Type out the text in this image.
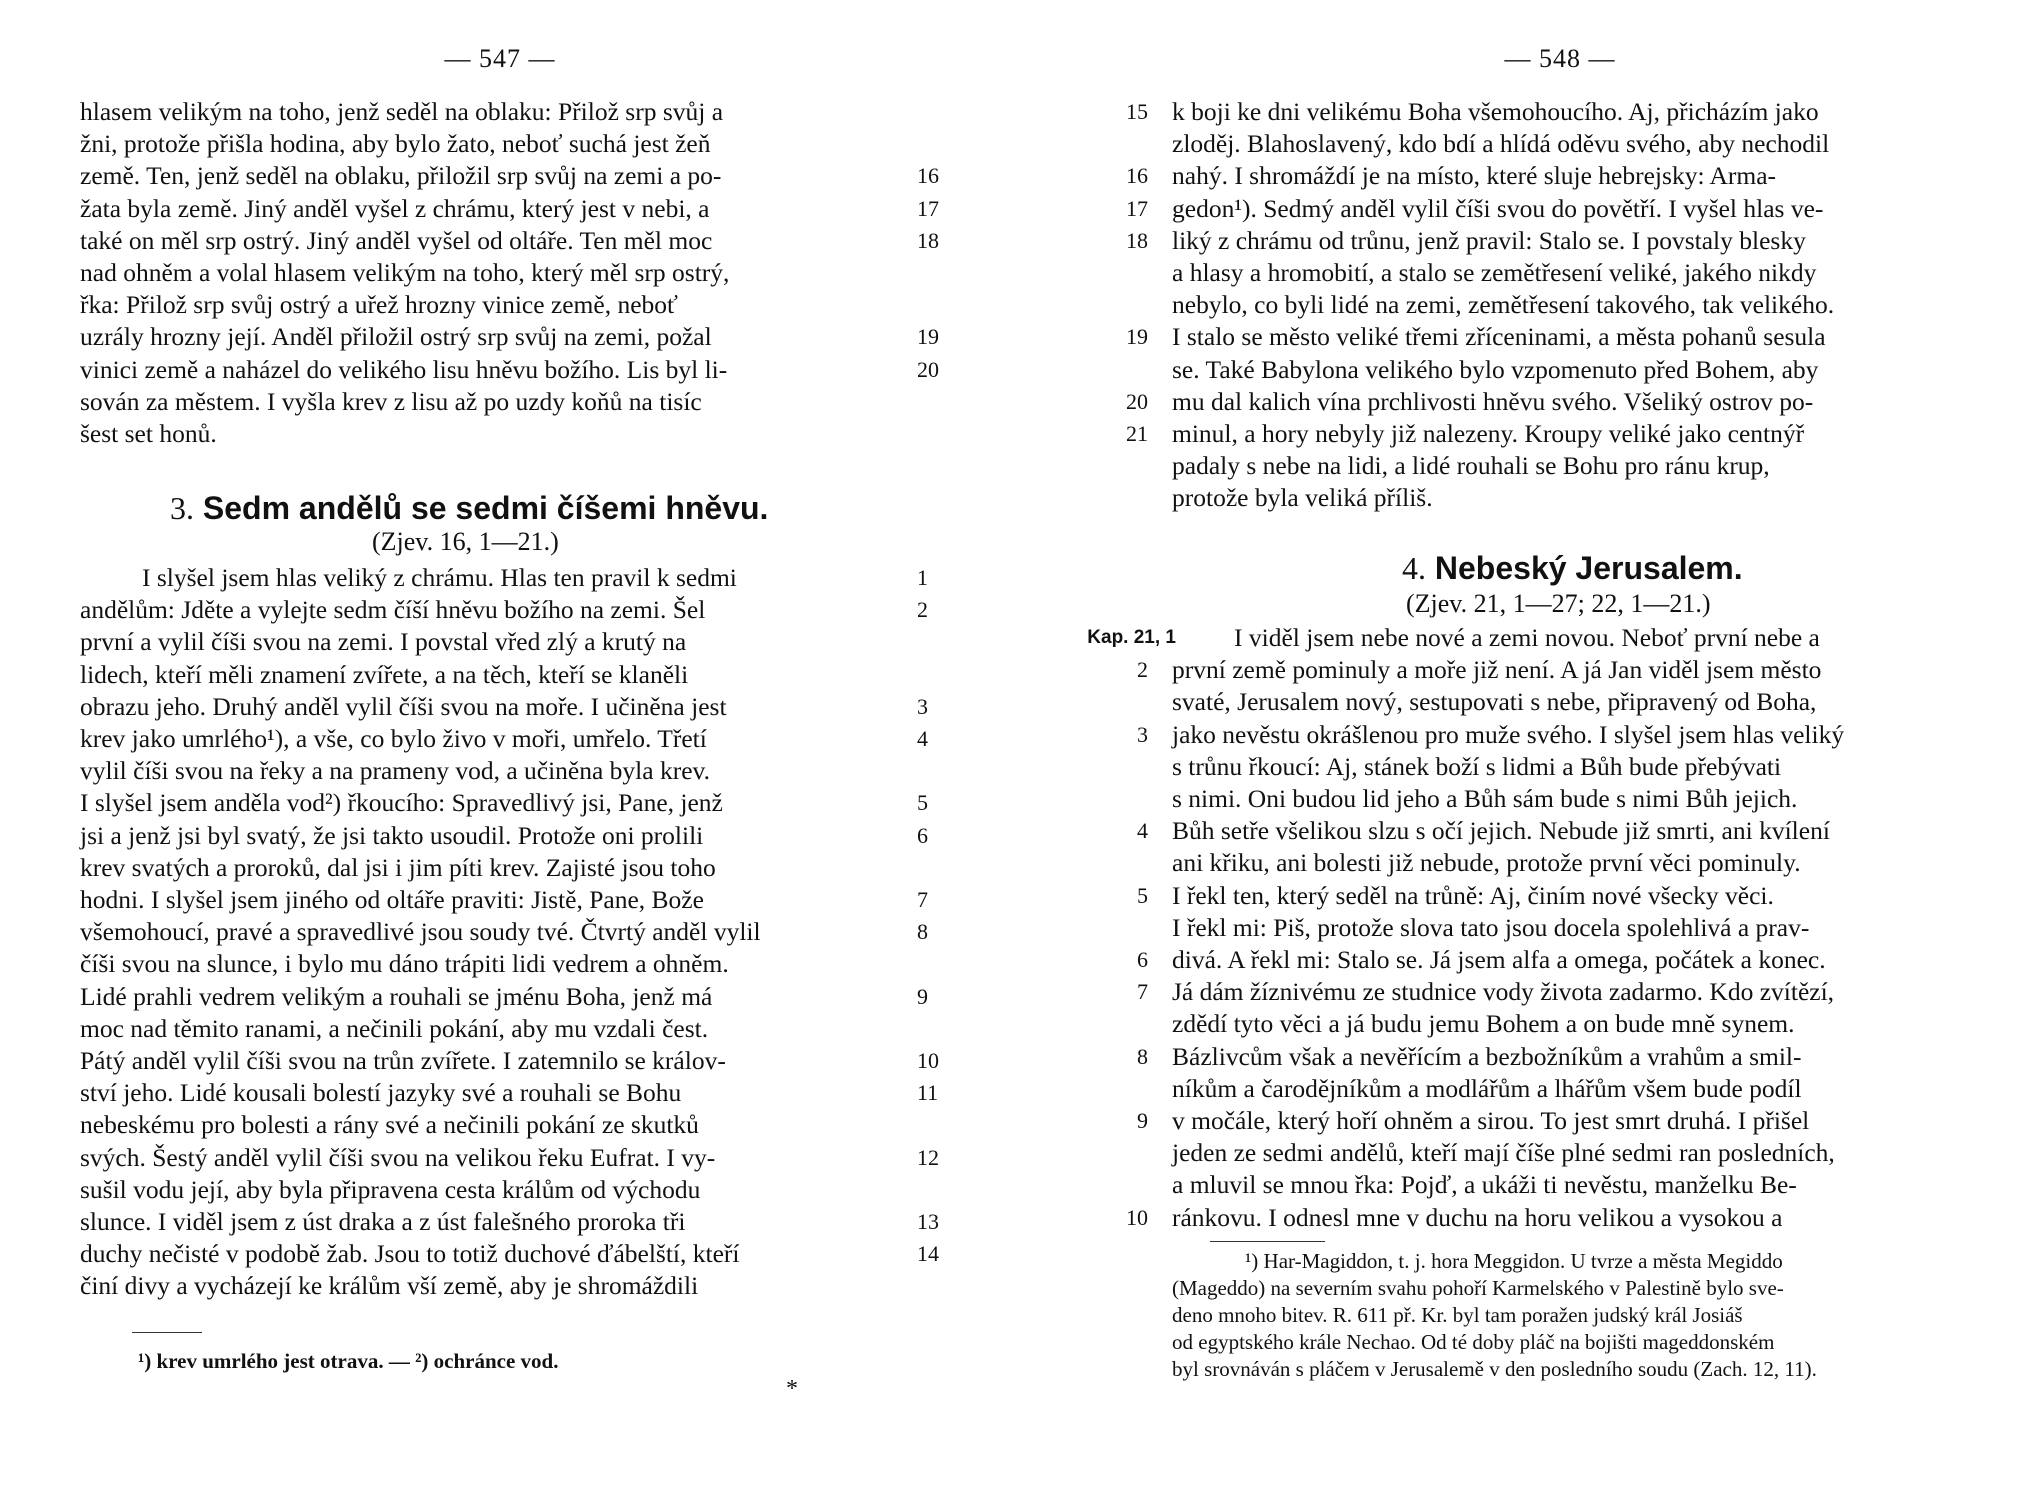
— 547 —
hlasem velikým na toho, jenž seděl na oblaku: Přilož srp svůj a
žni, protože přišla hodina, aby bylo žato, neboť suchá jest žeň
země. Ten, jenž seděl na oblaku, přiložil srp svůj na zemi a po-	16
žata byla země. Jiný anděl vyšel z chrámu, který jest v nebi, a	17
také on měl srp ostrý. Jiný anděl vyšel od oltáře. Ten měl moc	18
nad ohněm a volal hlasem velikým na toho, který měl srp ostrý,
řka: Přilož srp svůj ostrý a uřež hrozny vinice země, neboť
uzrály hrozny její. Anděl přiložil ostrý srp svůj na zemi, požal	19
vinici země a naházel do velikého lisu hněvu božího. Lis byl li-	20
sován za městem. I vyšla krev z lisu až po uzdy koňů na tisíc
šest set honů.
3. Sedm andělů se sedmi číšemi hněvu.
(Zjev. 16, 1—21.)
I slyšel jsem hlas veliký z chrámu. Hlas ten pravil k sedmi	1
andělům: Jděte a vylejte sedm číší hněvu božího na zemi. Šel	2
první a vylil číši svou na zemi. I povstal vřed zlý a krutý na
lidech, kteří měli znamení zvířete, a na těch, kteří se klaněli
obrazu jeho. Druhý anděl vylil číši svou na moře. I učiněna jest	3
krev jako umrlého¹), a vše, co bylo živo v moři, umřelo. Třetí	4
vylil číši svou na řeky a na prameny vod, a učiněna byla krev.
I slyšel jsem anděla vod²) řkoucího: Spravedlivý jsi, Pane, jenž	5
jsi a jenž jsi byl svatý, že jsi takto usoudil. Protože oni prolili	6
krev svatých a proroků, dal jsi i jim píti krev. Zajisté jsou toho
hodni. I slyšel jsem jiného od oltáře praviti: Jistě, Pane, Bože	7
všemohoucí, pravé a spravedlivé jsou soudy tvé. Čtvrtý anděl vylil	8
číši svou na slunce, i bylo mu dáno trápiti lidi vedrem a ohněm.
Lidé prahli vedrem velikým a rouhali se jménu Boha, jenž má	9
moc nad těmito ranami, a nečinili pokání, aby mu vzdali čest.
Pátý anděl vylil číši svou na trůn zvířete. I zatemnilo se králov-	10
ství jeho. Lidé kousali bolestí jazyky své a rouhali se Bohu	11
nebeskému pro bolesti a rány své a nečinili pokání ze skutků
svých. Šestý anděl vylil číši svou na velikou řeku Eufrat. I vy-	12
sušil vodu její, aby byla připravena cesta králům od východu
slunce. I viděl jsem z úst draka a z úst falešného proroka tři	13
duchy nečisté v podobě žab. Jsou to totiž duchové ďábelští, kteří	14
činí divy a vycházejí ke králům vší země, aby je shromáždili
¹) krev umrlého jest otrava. — ²) ochránce vod.
*
— 548 —
k boji ke dni velikému Boha všemohoucího. Aj, přicházím jako
15
zloděj. Blahoslavený, kdo bdí a hlídá oděvu svého, aby nechodil
nahý. I shromáždí je na místo, které sluje hebrejsky: Arma-
16
gedon¹). Sedmý anděl vylil číši svou do povětří. I vyšel hlas ve-
17
liký z chrámu od trůnu, jenž pravil: Stalo se. I povstaly blesky
18
a hlasy a hromobití, a stalo se zemětřesení veliké, jakého nikdy
nebylo, co byli lidé na zemi, zemětřesení takového, tak velikého.
I stalo se město veliké třemi zříceninami, a města pohanů sesula
19
se. Také Babylona velikého bylo vzpomenuto před Bohem, aby
mu dal kalich vína prchlivosti hněvu svého. Všeliký ostrov po-
20
minul, a hory nebyly již nalezeny. Kroupy veliké jako centnýř
21
padaly s nebe na lidi, a lidé rouhali se Bohu pro ránu krup,
protože byla veliká příliš.
4. Nebeský Jerusalem.
(Zjev. 21, 1—27; 22, 1—21.)
Kap. 21, 1 I viděl jsem nebe nové a zemi novou. Neboť první nebe a
první země pominuly a moře již není. A já Jan viděl jsem město
2
svaté, Jerusalem nový, sestupovati s nebe, připravený od Boha,
jako nevěstu okrášlenou pro muže svého. I slyšel jsem hlas veliký
3
s trůnu řkoucí: Aj, stánek boží s lidmi a Bůh bude přebývati
s nimi. Oni budou lid jeho a Bůh sám bude s nimi Bůh jejich.
Bůh setře všelikou slzu s očí jejich. Nebude již smrti, ani kvílení
4
ani křiku, ani bolesti již nebude, protože první věci pominuly.
I řekl ten, který seděl na trůně: Aj, činím nové všecky věci.
5
I řekl mi: Piš, protože slova tato jsou docela spolehlivá a prav-
divá. A řekl mi: Stalo se. Já jsem alfa a omega, počátek a konec.
6
Já dám žíznivému ze studnice vody života zadarmo. Kdo zvítězí,
7
zdědí tyto věci a já budu jemu Bohem a on bude mně synem.
Bázlivcům však a nevěřícím a bezbožníkům a vrahům a smil-
8
níkům a čarodějníkům a modlářům a lhářům všem bude podíl
v močále, který hoří ohněm a sirou. To jest smrt druhá. I přišel
9
jeden ze sedmi andělů, kteří mají číše plné sedmi ran posledních,
a mluvil se mnou řka: Pojď, a ukáži ti nevěstu, manželku Be-
ránkovu. I odnesl mne v duchu na horu velikou a vysokou a
10
¹) Har-Magiddon, t. j. hora Meggidon. U tvrze a města Megiddo
(Mageddo) na severním svahu pohoří Karmelského v Palestině bylo sve-
deno mnoho bitev. R. 611 př. Kr. byl tam poražen judský král Josiáš
od egyptského krále Nechao. Od té doby pláč na bojišti mageddonském
byl srovnáván s pláčem v Jerusalemě v den posledního soudu (Zach. 12, 11).
